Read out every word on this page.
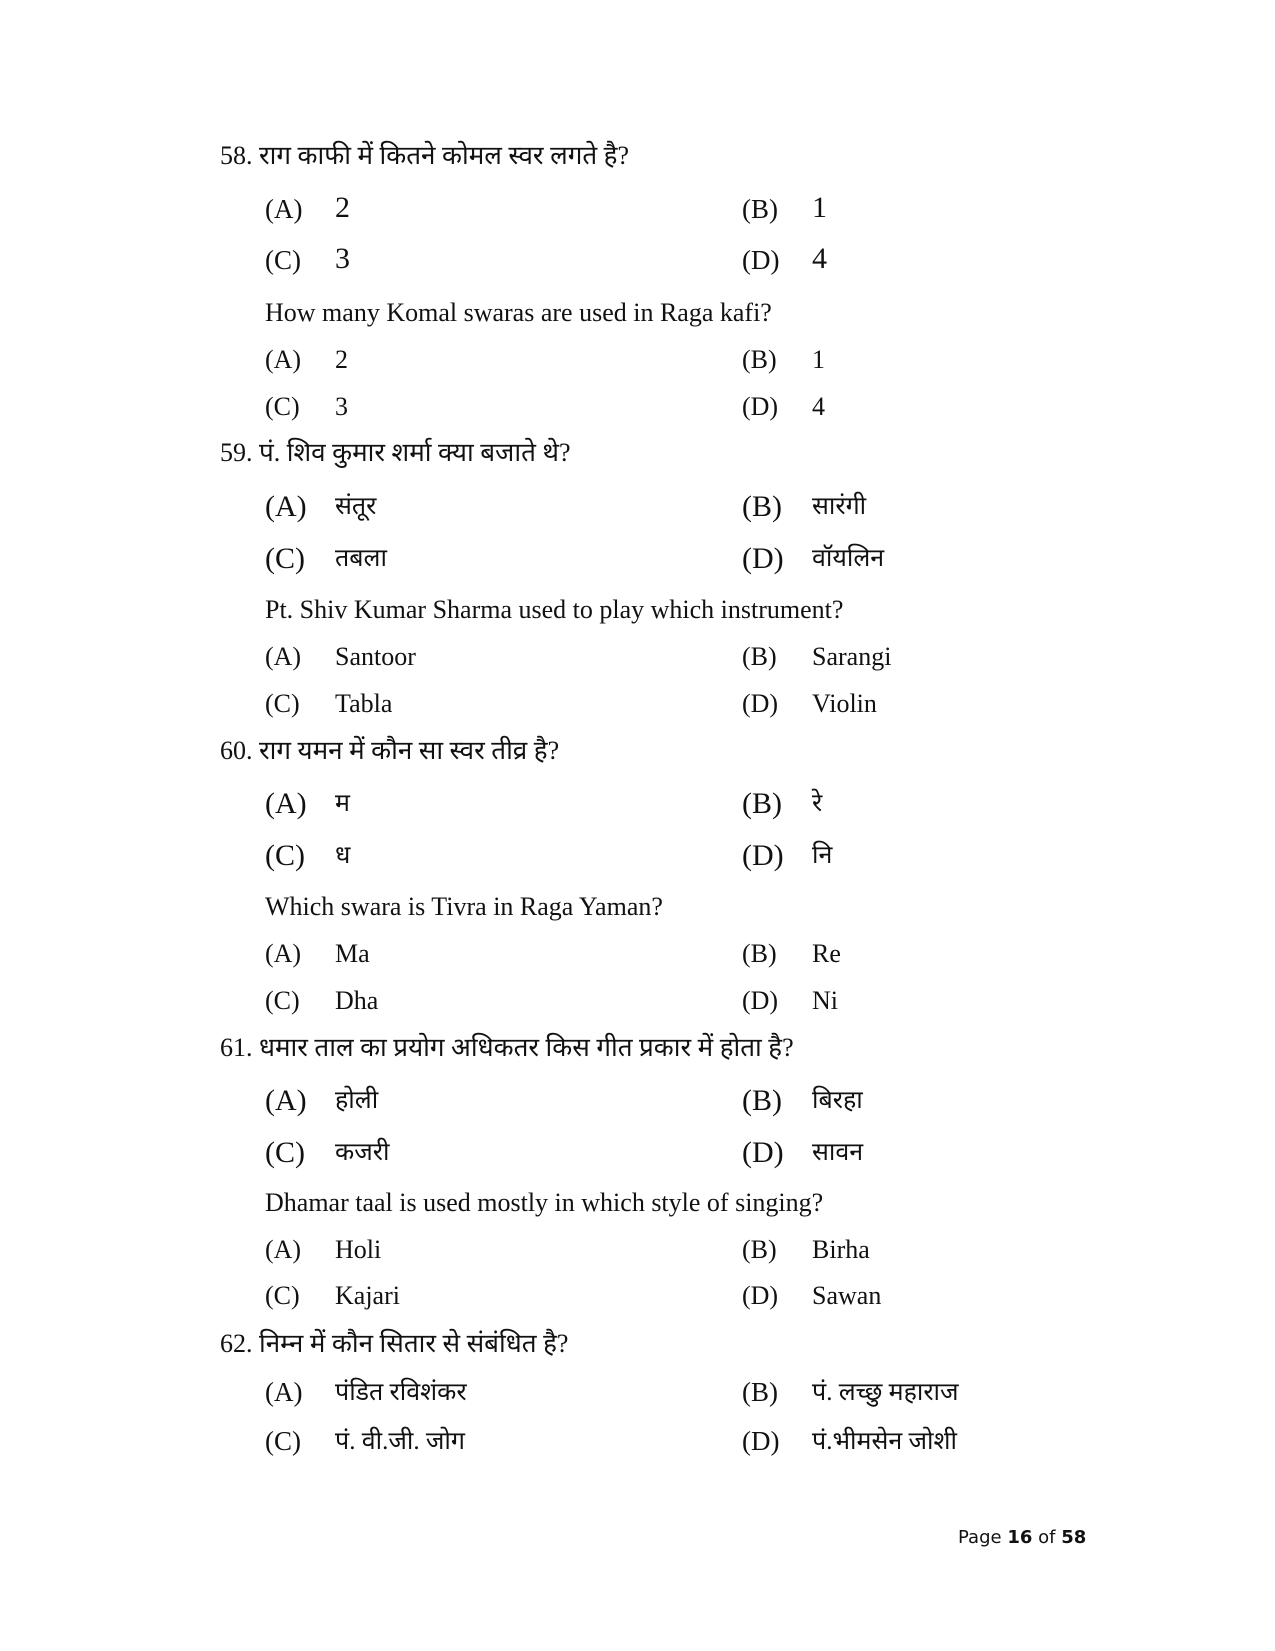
58. राग काफी में कितने कोमल स्वर लगते है?
(A) 2	(B) 1
(C) 3	(D) 4
How many Komal swaras are used in Raga kafi?
(A) 2	(B) 1
(C) 3	(D) 4
59. पं. शिव कुमार शर्मा क्या बजाते थे?
(A) संतूर	(B) सारंगी
(C) तबला	(D) वॉयलिन
Pt. Shiv Kumar Sharma used to play which instrument?
(A) Santoor	(B) Sarangi
(C) Tabla	(D) Violin
60. राग यमन में कौन सा स्वर तीव्र है?
(A) म	(B) रे
(C) ध	(D) नि
Which swara is Tivra in Raga Yaman?
(A) Ma	(B) Re
(C) Dha	(D) Ni
61. धमार ताल का प्रयोग अधिकतर किस गीत प्रकार में होता है?
(A) होली	(B) बिरहा
(C) कजरी	(D) सावन
Dhamar taal is used mostly in which style of singing?
(A) Holi	(B) Birha
(C) Kajari	(D) Sawan
62. निम्न में कौन सितार से संबंधित है?
(A) पंडित रविशंकर	(B) पं. लच्छु महाराज
(C) पं. वी.जी. जोग	(D) पं.भीमसेन जोशी
Page 16 of 58
